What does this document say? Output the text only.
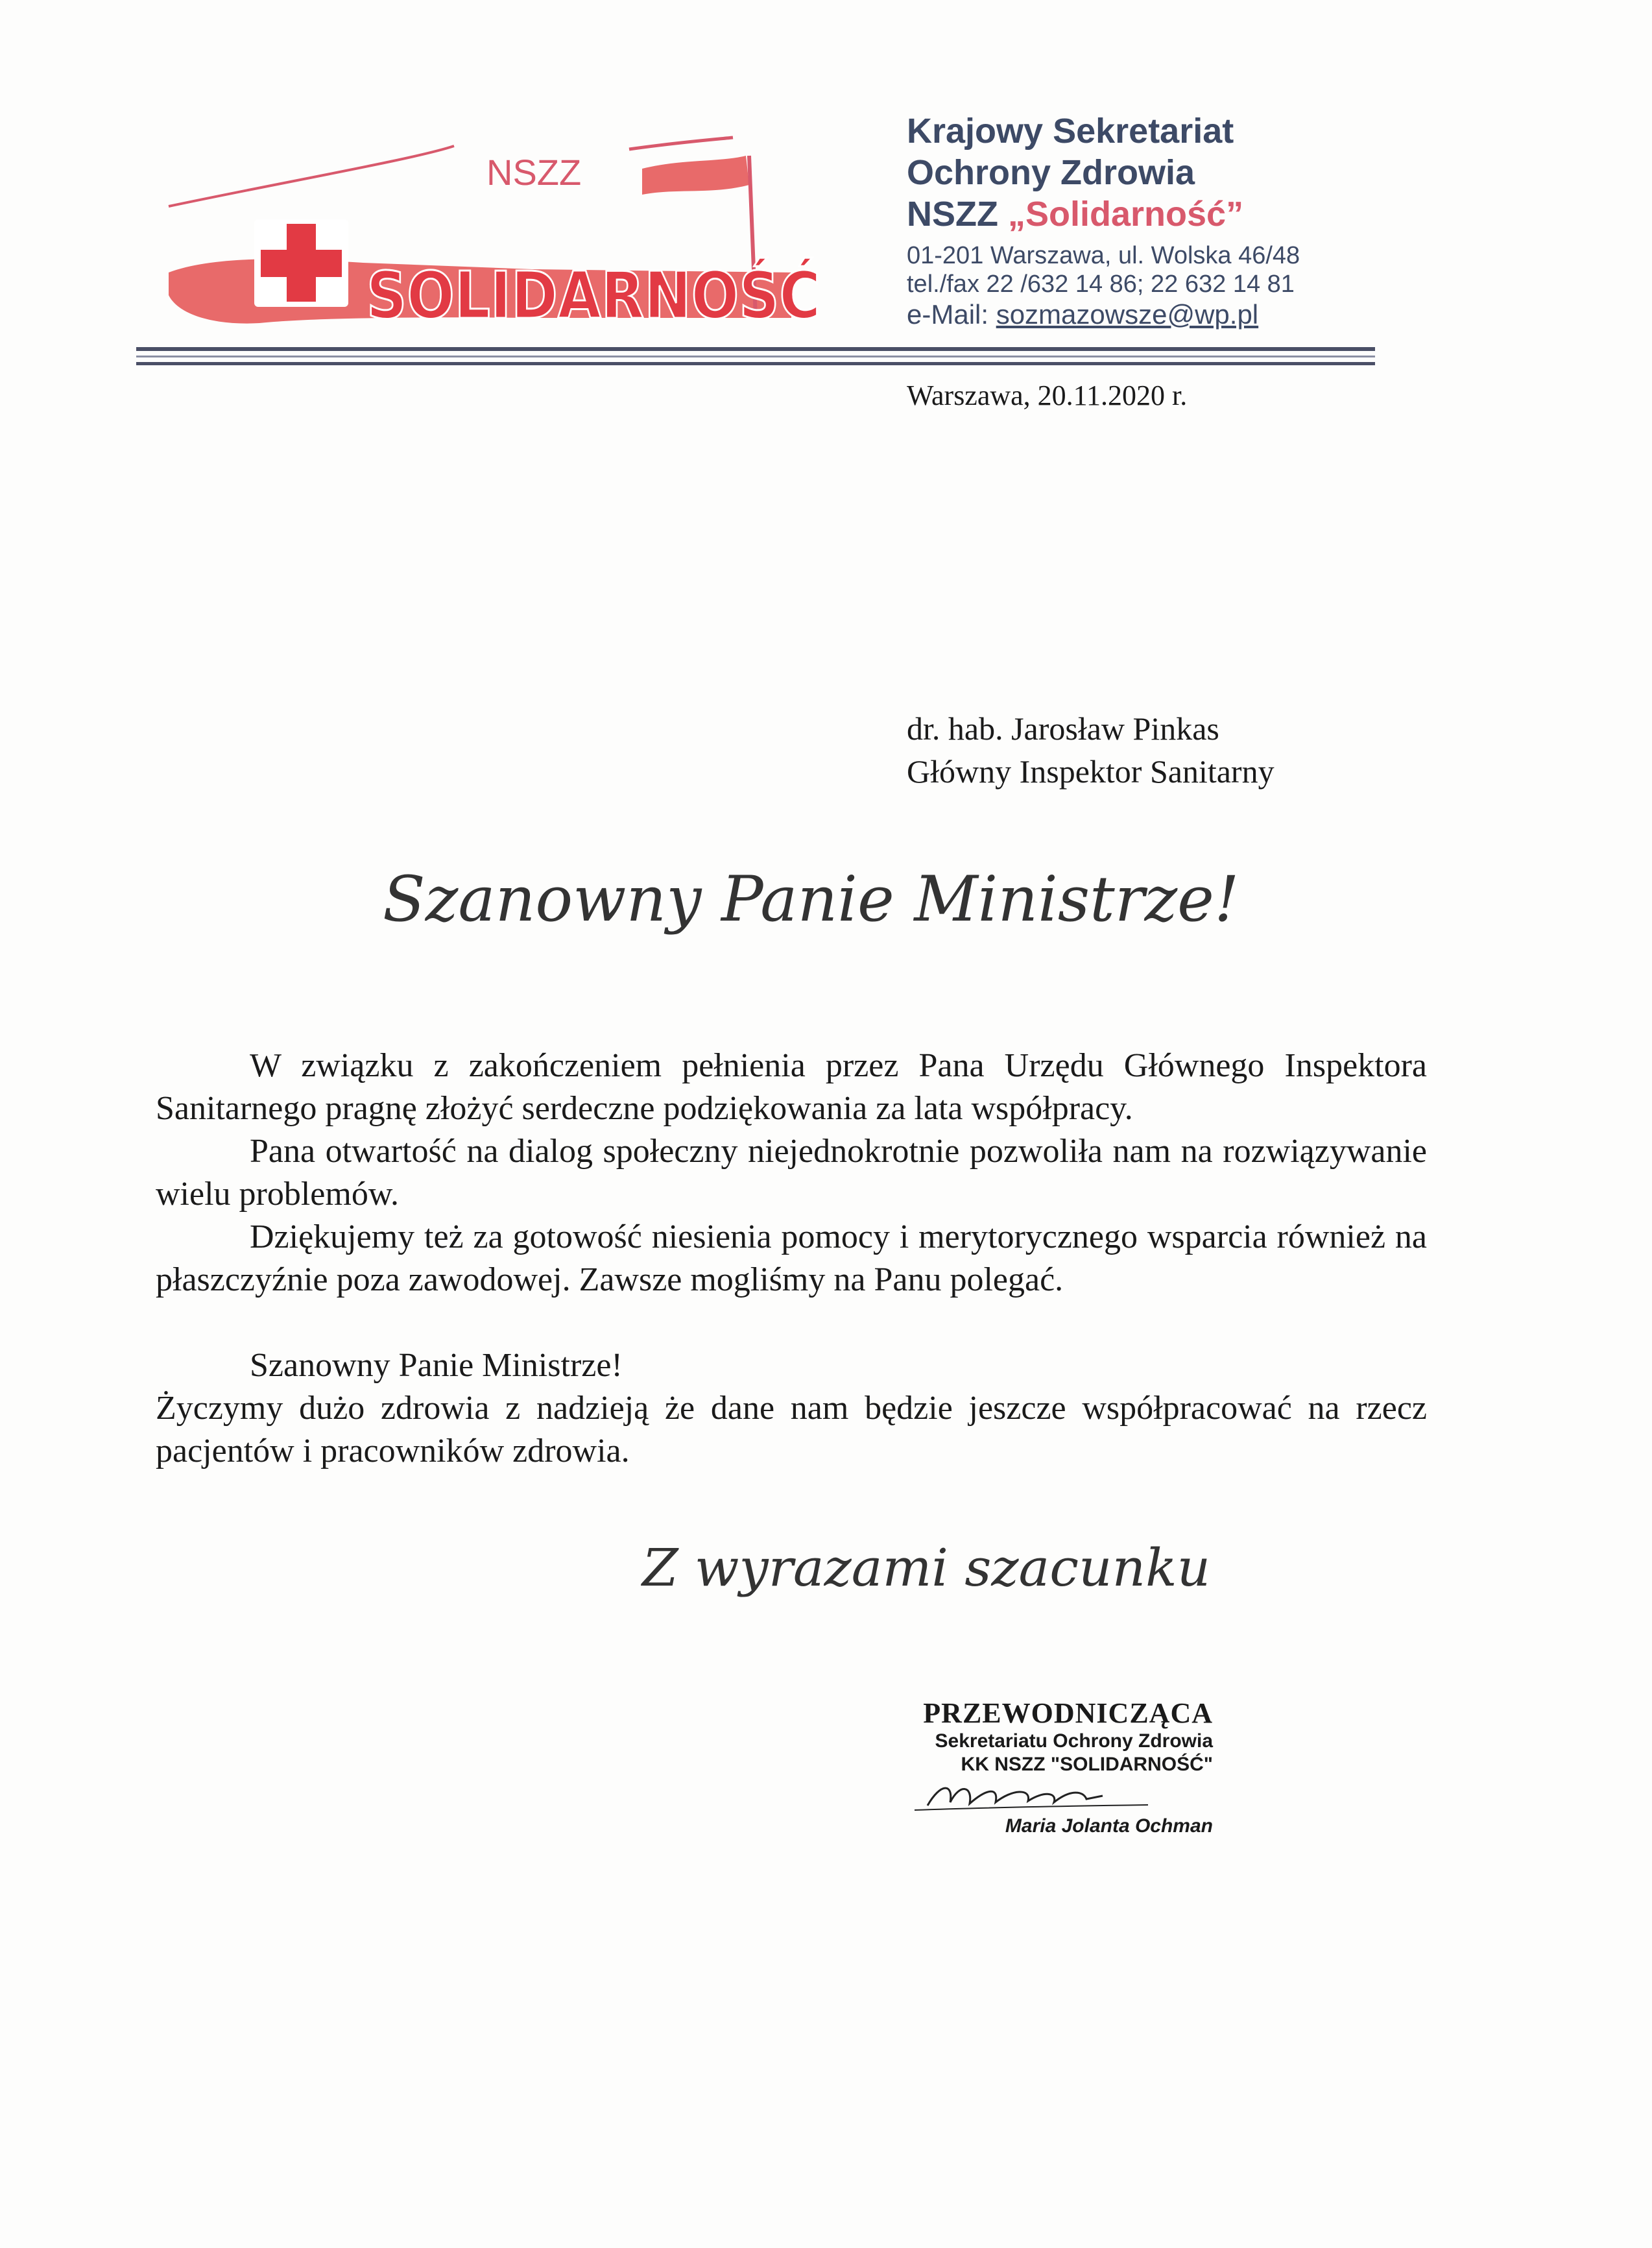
NSZZ
SOLIDARNOŚĆ
Krajowy Sekretariat
Ochrony Zdrowia
NSZZ „Solidarność”
01-201 Warszawa, ul. Wolska 46/48
tel./fax 22 /632 14 86; 22 632 14 81
e-Mail: sozmazowsze@wp.pl
Warszawa, 20.11.2020 r.
dr. hab. Jarosław Pinkas
Główny Inspektor Sanitarny
Szanowny Panie Ministrze!

W związku z zakończeniem pełnienia przez Pana Urzędu Głównego Inspektora Sanitarnego pragnę złożyć serdeczne podziękowania za lata współpracy.

Pana otwartość na dialog społeczny niejednokrotnie pozwoliła nam na rozwiązywanie wielu problemów.

Dziękujemy też za gotowość niesienia pomocy i merytorycznego wsparcia również na płaszczyźnie poza zawodowej. Zawsze mogliśmy na Panu polegać.

Szanowny Panie Ministrze!

Życzymy dużo zdrowia z nadzieją że dane nam będzie jeszcze współpracować na rzecz pacjentów i pracowników zdrowia.

Z wyrazami szacunku
PRZEWODNICZĄCA
Sekretariatu Ochrony Zdrowia
KK NSZZ "SOLIDARNOŚĆ"
Maria Jolanta Ochman
